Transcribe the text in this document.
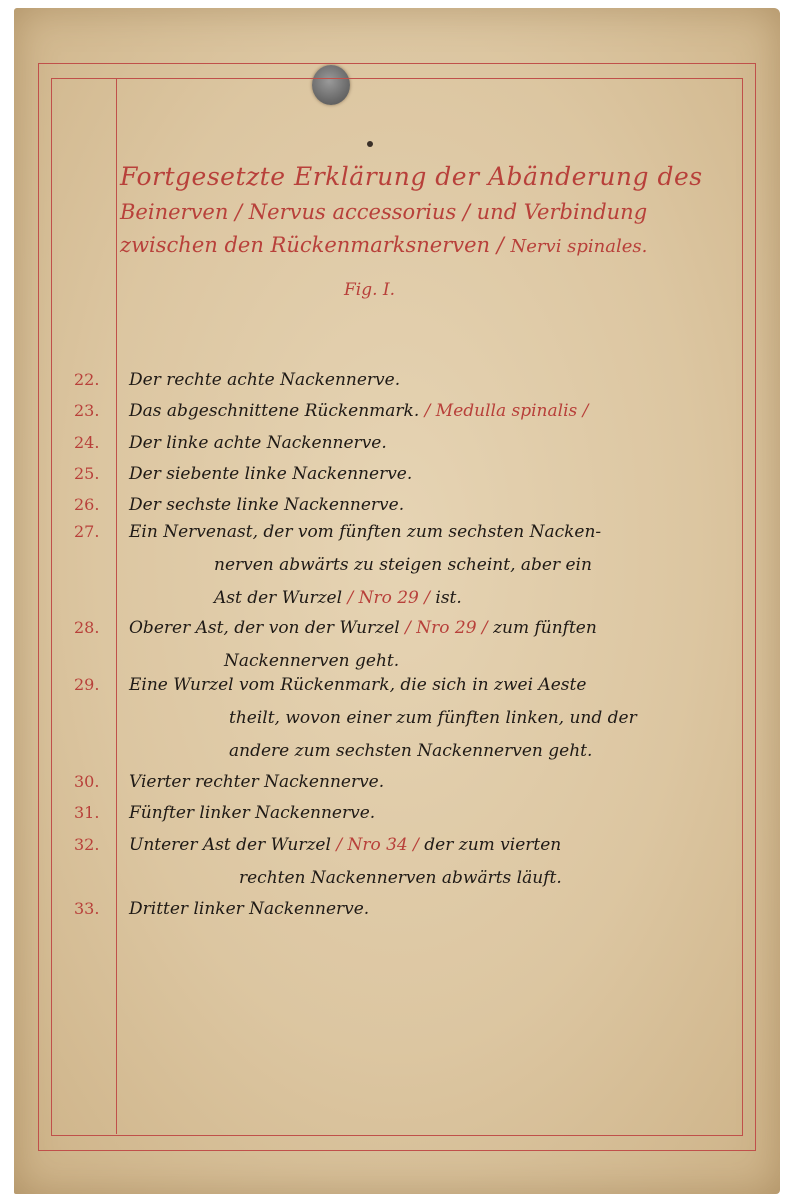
Fortgesetzte Erklärung der Abänderung des
Beinerven / Nervus accessorius / und Verbindung
zwischen den Rückenmarksnerven / Nervi spinales.
Fig. I.
22. Der rechte achte Nackennerve.
23. Das abgeschnittene Rückenmark. / Medulla spinalis /
24. Der linke achte Nackennerve.
25. Der siebente linke Nackennerve.
26. Der sechste linke Nackennerve.
27. Ein Nervenast, der vom fünften zum sechsten Nacken-
nerven abwärts zu steigen scheint, aber ein
Ast der Wurzel / Nro 29 / ist.
28. Oberer Ast, der von der Wurzel / Nro 29 / zum fünften
Nackennerven geht.
29. Eine Wurzel vom Rückenmark, die sich in zwei Aeste
theilt, wovon einer zum fünften linken, und der
andere zum sechsten Nackennerven geht.
30. Vierter rechter Nackennerve.
31. Fünfter linker Nackennerve.
32. Unterer Ast der Wurzel / Nro 34 / der zum vierten
rechten Nackennerven abwärts läuft.
33. Dritter linker Nackennerve.
